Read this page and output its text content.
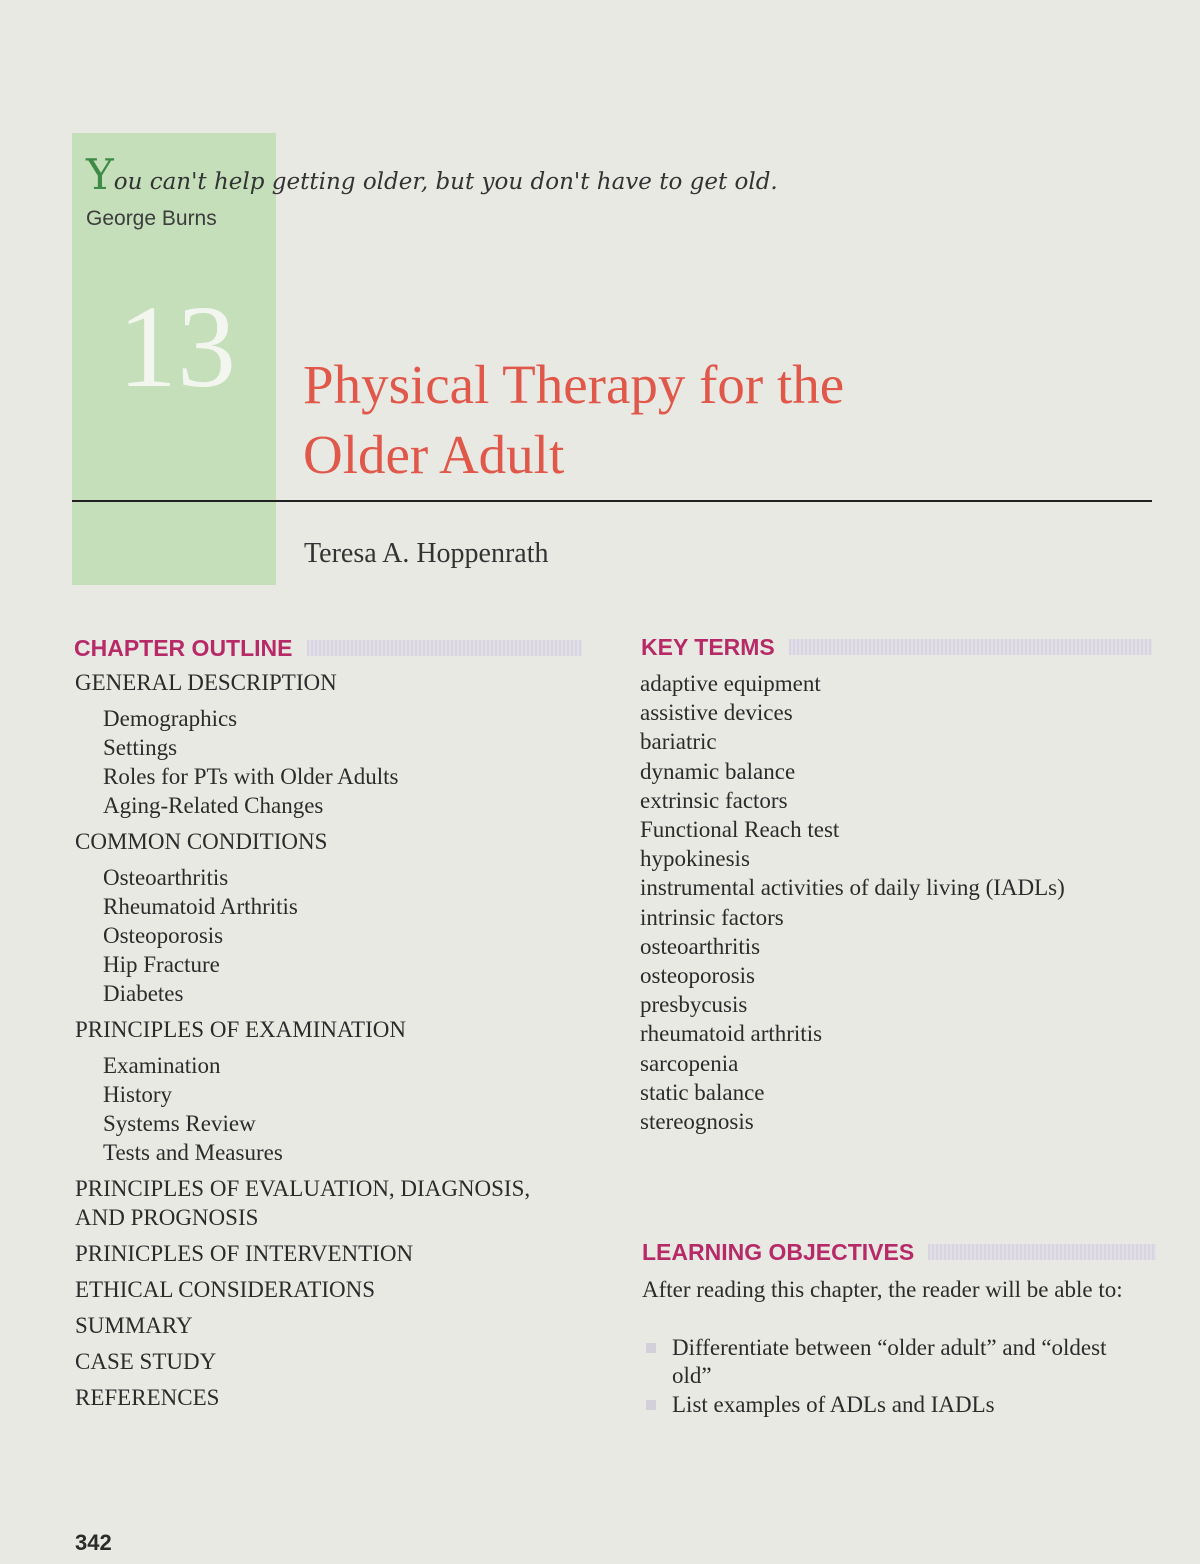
You can't help getting older, but you don't have to get old.
George Burns
13 Physical Therapy for the
Older Adult
Teresa A. Hoppenrath
CHAPTER OUTLINE
GENERAL DESCRIPTION
Demographics
Settings
Roles for PTs with Older Adults
Aging-Related Changes
COMMON CONDITIONS
Osteoarthritis
Rheumatoid Arthritis
Osteoporosis
Hip Fracture
Diabetes
PRINCIPLES OF EXAMINATION
Examination
History
Systems Review
Tests and Measures
PRINCIPLES OF EVALUATION, DIAGNOSIS,
AND PROGNOSIS
PRINICPLES OF INTERVENTION
ETHICAL CONSIDERATIONS
SUMMARY
CASE STUDY
REFERENCES
KEY TERMS
adaptive equipment
assistive devices
bariatric
dynamic balance
extrinsic factors
Functional Reach test
hypokinesis
instrumental activities of daily living (IADLs)
intrinsic factors
osteoarthritis
osteoporosis
presbycusis
rheumatoid arthritis
sarcopenia
static balance
stereognosis
LEARNING OBJECTIVES
After reading this chapter, the reader will be able to:
Differentiate between “older adult” and “oldest old”
List examples of ADLs and IADLs
342
